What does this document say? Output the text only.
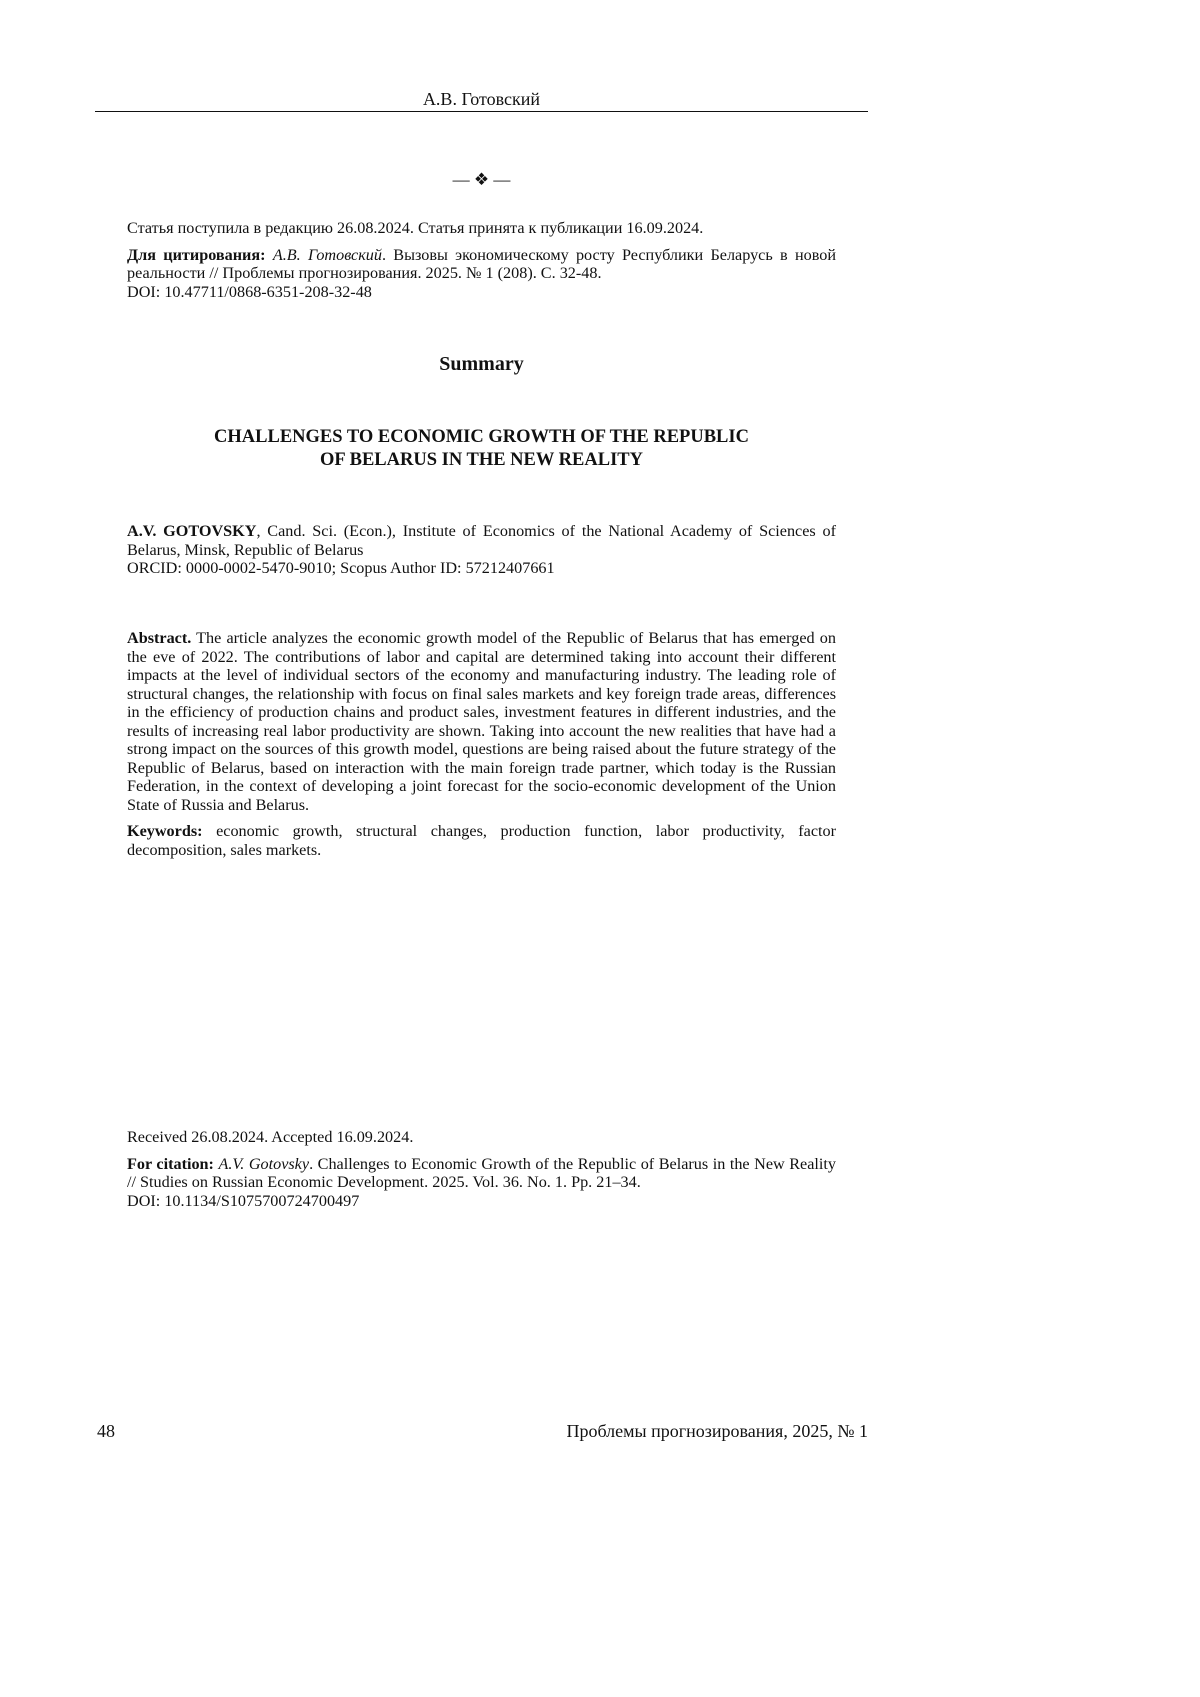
А.В. Готовский
— ❖ —

Статья поступила в редакцию 26.08.2024. Статья принята к публикации 16.09.2024.

Для цитирования: А.В. Готовский. Вызовы экономическому росту Республики Беларусь в новой реальности // Проблемы прогнозирования. 2025. № 1 (208). С. 32-48.

DOI: 10.47711/0868-6351-208-32-48

Summary
CHALLENGES TO ECONOMIC GROWTH OF THE REPUBLIC
OF BELARUS IN THE NEW REALITY

A.V. GOTOVSKY, Cand. Sci. (Econ.), Institute of Economics of the National Academy of Sciences of Belarus, Minsk, Republic of Belarus

ORCID: 0000-0002-5470-9010; Scopus Author ID: 57212407661

Abstract. The article analyzes the economic growth model of the Republic of Belarus that has emerged on the eve of 2022. The contributions of labor and capital are determined taking into account their different impacts at the level of individual sectors of the economy and manufacturing industry. The leading role of structural changes, the relationship with focus on final sales markets and key foreign trade areas, differences in the efficiency of production chains and product sales, investment features in different industries, and the results of increasing real labor productivity are shown. Taking into account the new realities that have had a strong impact on the sources of this growth model, questions are being raised about the future strategy of the Republic of Belarus, based on interaction with the main foreign trade partner, which today is the Russian Federation, in the context of developing a joint forecast for the socio-economic development of the Union State of Russia and Belarus.

Keywords: economic growth, structural changes, production function, labor productivity, factor decomposition, sales markets.

Received 26.08.2024. Accepted 16.09.2024.

For citation: A.V. Gotovsky. Challenges to Economic Growth of the Republic of Belarus in the New Reality // Studies on Russian Economic Development. 2025. Vol. 36. No. 1. Pp. 21–34.

DOI: 10.1134/S1075700724700497

48	Проблемы прогнозирования, 2025, № 1
